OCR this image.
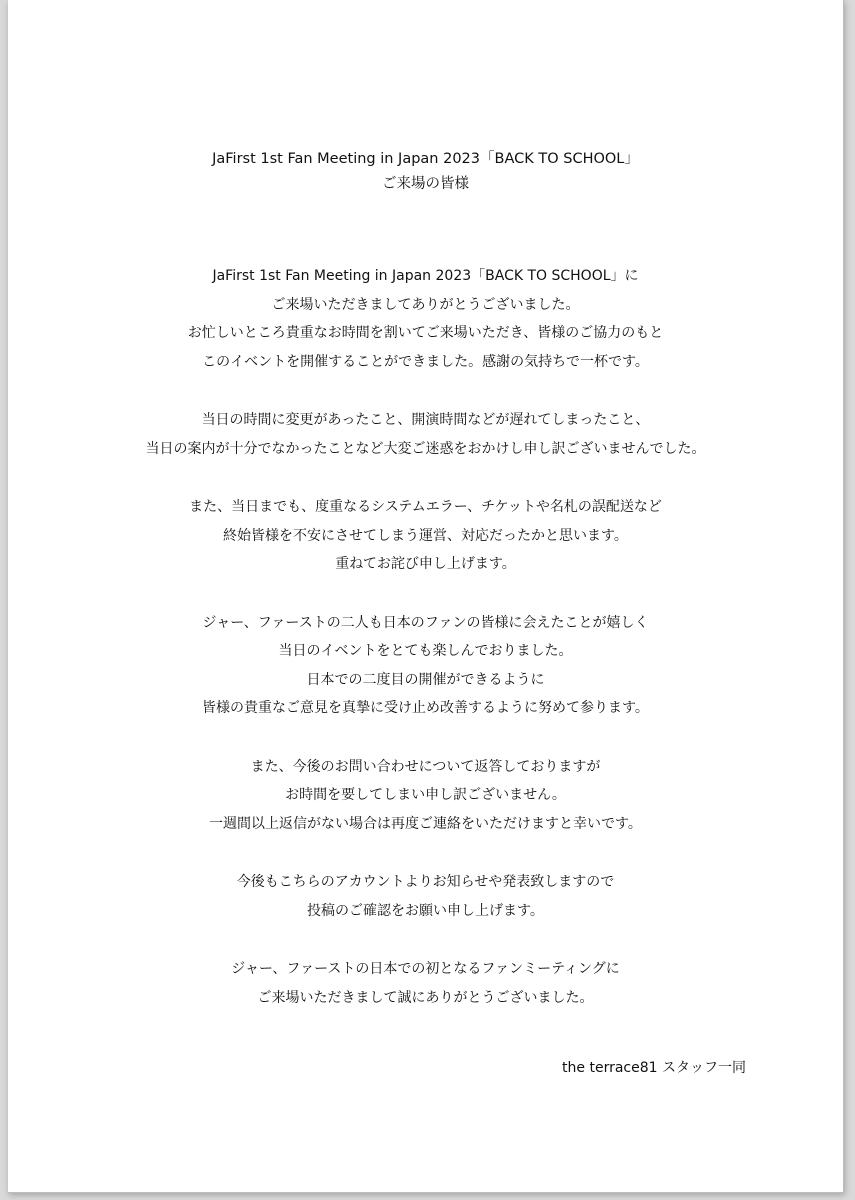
JaFirst 1st Fan Meeting in Japan 2023「BACK TO SCHOOL」
ご来場の皆様
JaFirst 1st Fan Meeting in Japan 2023「BACK TO SCHOOL」に
ご来場いただきましてありがとうございました。
お忙しいところ貴重なお時間を割いてご来場いただき、皆様のご協力のもと
このイベントを開催することができました。感謝の気持ちで一杯です。
当日の時間に変更があったこと、開演時間などが遅れてしまったこと、
当日の案内が十分でなかったことなど大変ご迷惑をおかけし申し訳ございませんでした。
また、当日までも、度重なるシステムエラー、チケットや名札の誤配送など
終始皆様を不安にさせてしまう運営、対応だったかと思います。
重ねてお詫び申し上げます。
ジャー、ファーストの二人も日本のファンの皆様に会えたことが嬉しく
当日のイベントをとても楽しんでおりました。
日本での二度目の開催ができるように
皆様の貴重なご意見を真摯に受け止め改善するように努めて参ります。
また、今後のお問い合わせについて返答しておりますが
お時間を要してしまい申し訳ございません。
一週間以上返信がない場合は再度ご連絡をいただけますと幸いです。
今後もこちらのアカウントよりお知らせや発表致しますので
投稿のご確認をお願い申し上げます。
ジャー、ファーストの日本での初となるファンミーティングに
ご来場いただきまして誠にありがとうございました。
the terrace81 スタッフ一同
